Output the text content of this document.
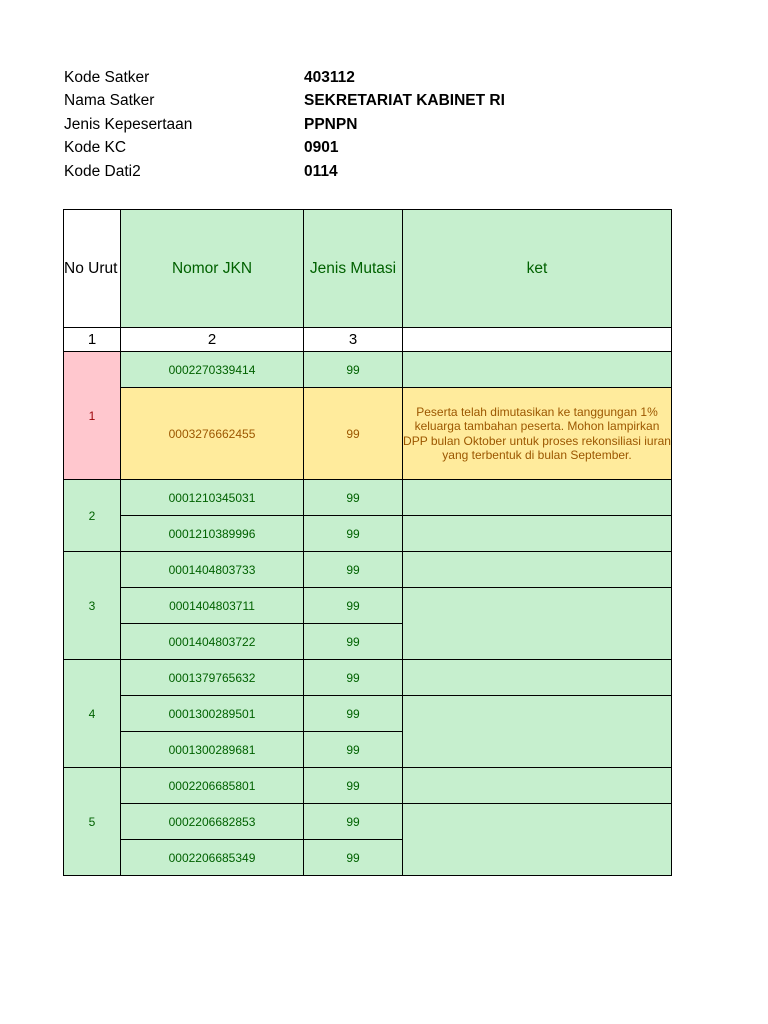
Kode Satker	403112
Nama Satker	SEKRETARIAT KABINET RI
Jenis Kepesertaan	PPNPN
Kode KC	0901
Kode Dati2	0114
No Urut	Nomor JKN	Jenis Mutasi	ket
1	2	3	
1	0002270339414	99	
	0003276662455	99	Peserta telah dimutasikan ke tanggungan 1% keluarga tambahan peserta. Mohon lampirkan DPP bulan Oktober untuk proses rekonsiliasi iuran yang terbentuk di bulan September.
2	0001210345031	99	
	0001210389996	99	
3	0001404803733	99	
	0001404803711	99	
	0001404803722	99	
4	0001379765632	99	
	0001300289501	99	
	0001300289681	99	
5	0002206685801	99	
	0002206682853	99	
	0002206685349	99	
